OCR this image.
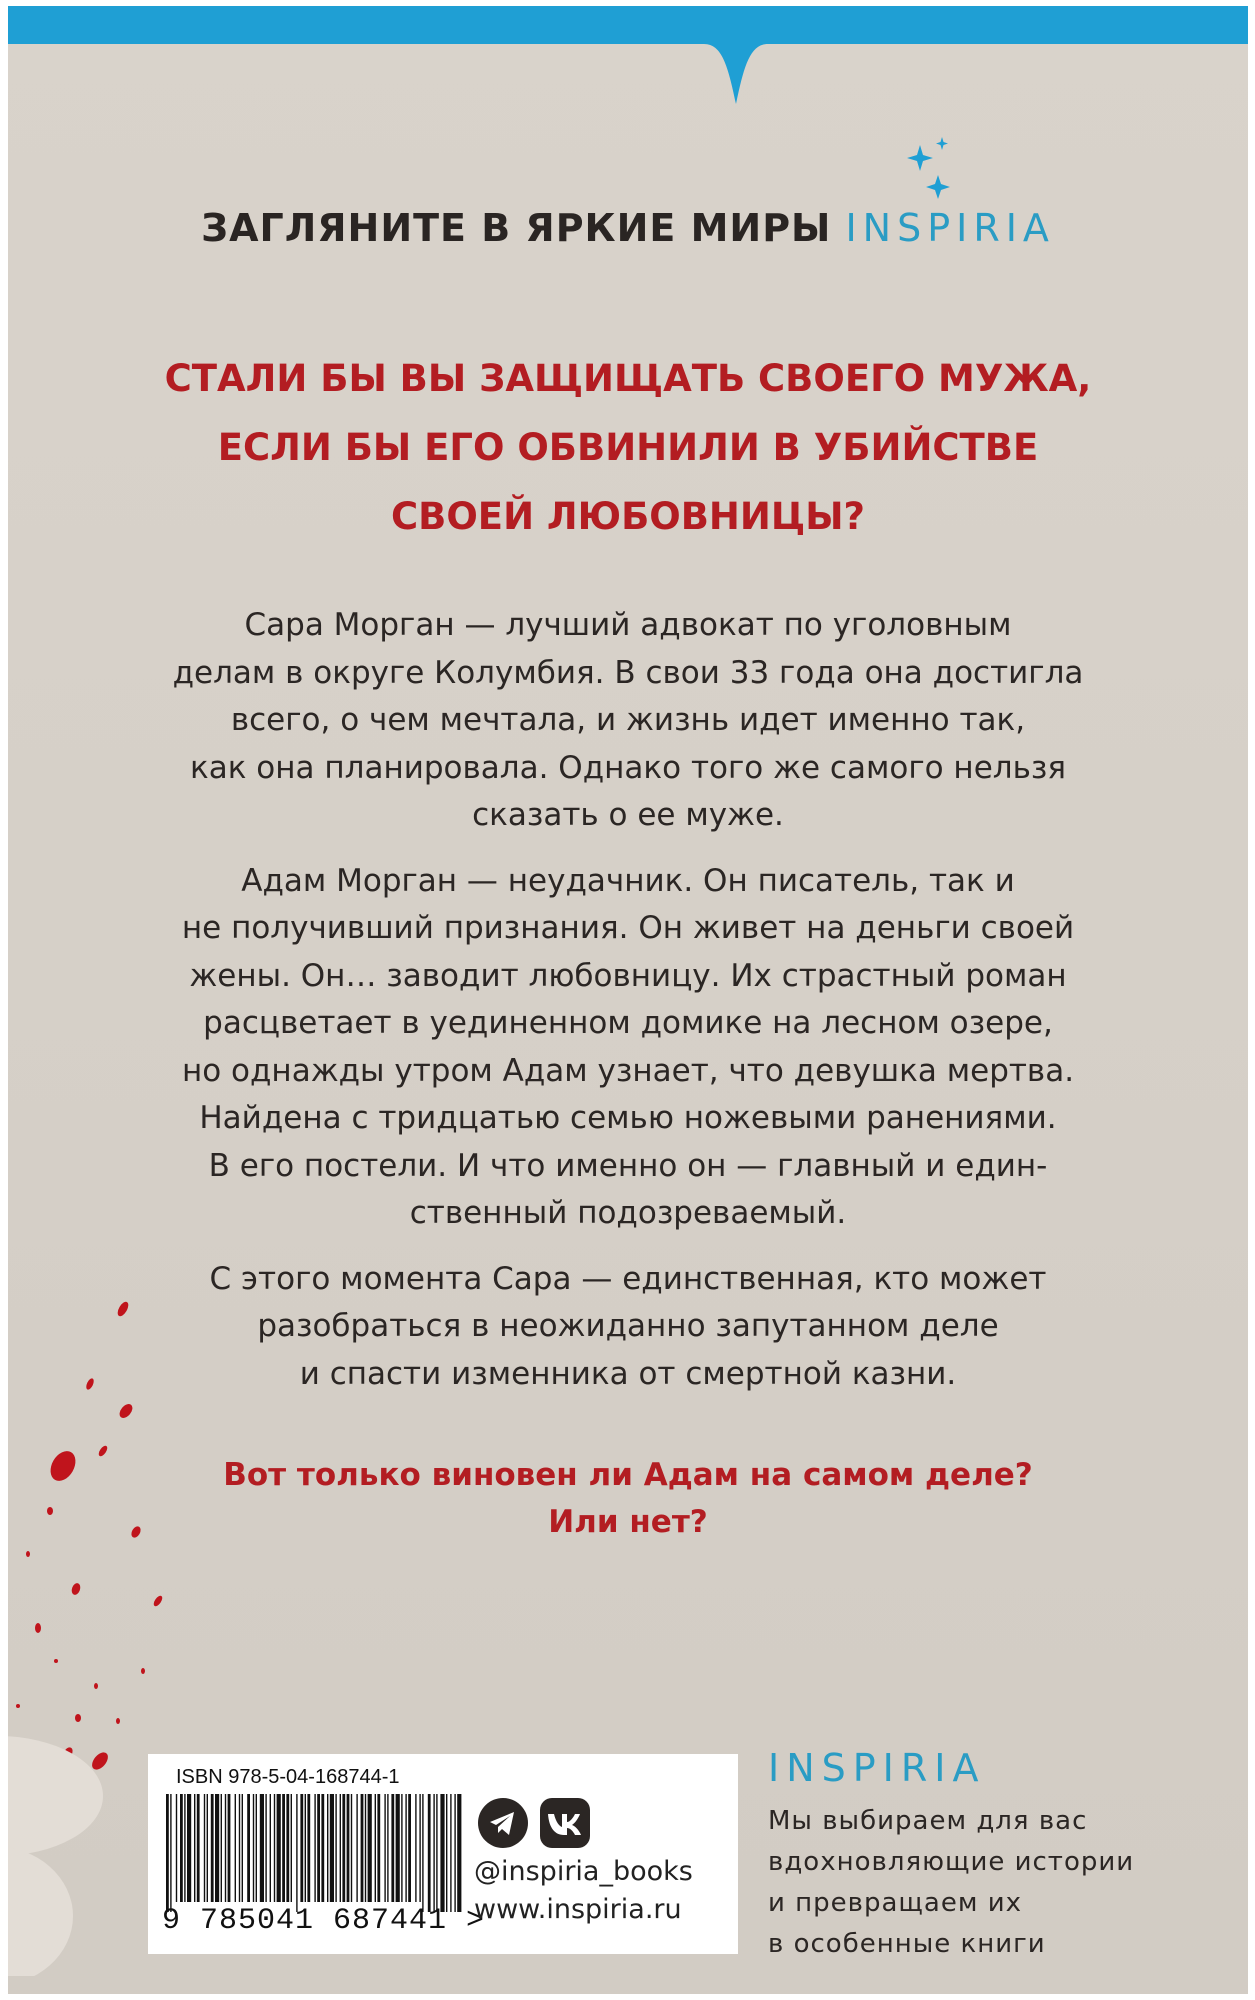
ЗАГЛЯНИТЕ В ЯРКИЕ МИРЫ INSPIRIA
СТАЛИ БЫ ВЫ ЗАЩИЩАТЬ СВОЕГО МУЖА,
ЕСЛИ БЫ ЕГО ОБВИНИЛИ В УБИЙСТВЕ
СВОЕЙ ЛЮБОВНИЦЫ?
Сара Морган — лучший адвокат по уголовным
делам в округе Колумбия. В свои 33 года она достигла
всего, о чем мечтала, и жизнь идет именно так,
как она планировала. Однако того же самого нельзя
сказать о ее муже.
Адам Морган — неудачник. Он писатель, так и
не получивший признания. Он живет на деньги своей
жены. Он… заводит любовницу. Их страстный роман
расцветает в уединенном домике на лесном озере,
но однажды утром Адам узнает, что девушка мертва.
Найдена с тридцатью семью ножевыми ранениями.
В его постели. И что именно он — главный и един-
ственный подозреваемый.
С этого момента Сара — единственная, кто может
разобраться в неожиданно запутанном деле
и спасти изменника от смертной казни.
Вот только виновен ли Адам на самом деле?
Или нет?
ISBN 978-5-04-168744-1
9 785041 687441 >
@inspiria_books
www.inspiria.ru
INSPIRIA
Мы выбираем для вас
вдохновляющие истории
и превращаем их
в особенные книги
